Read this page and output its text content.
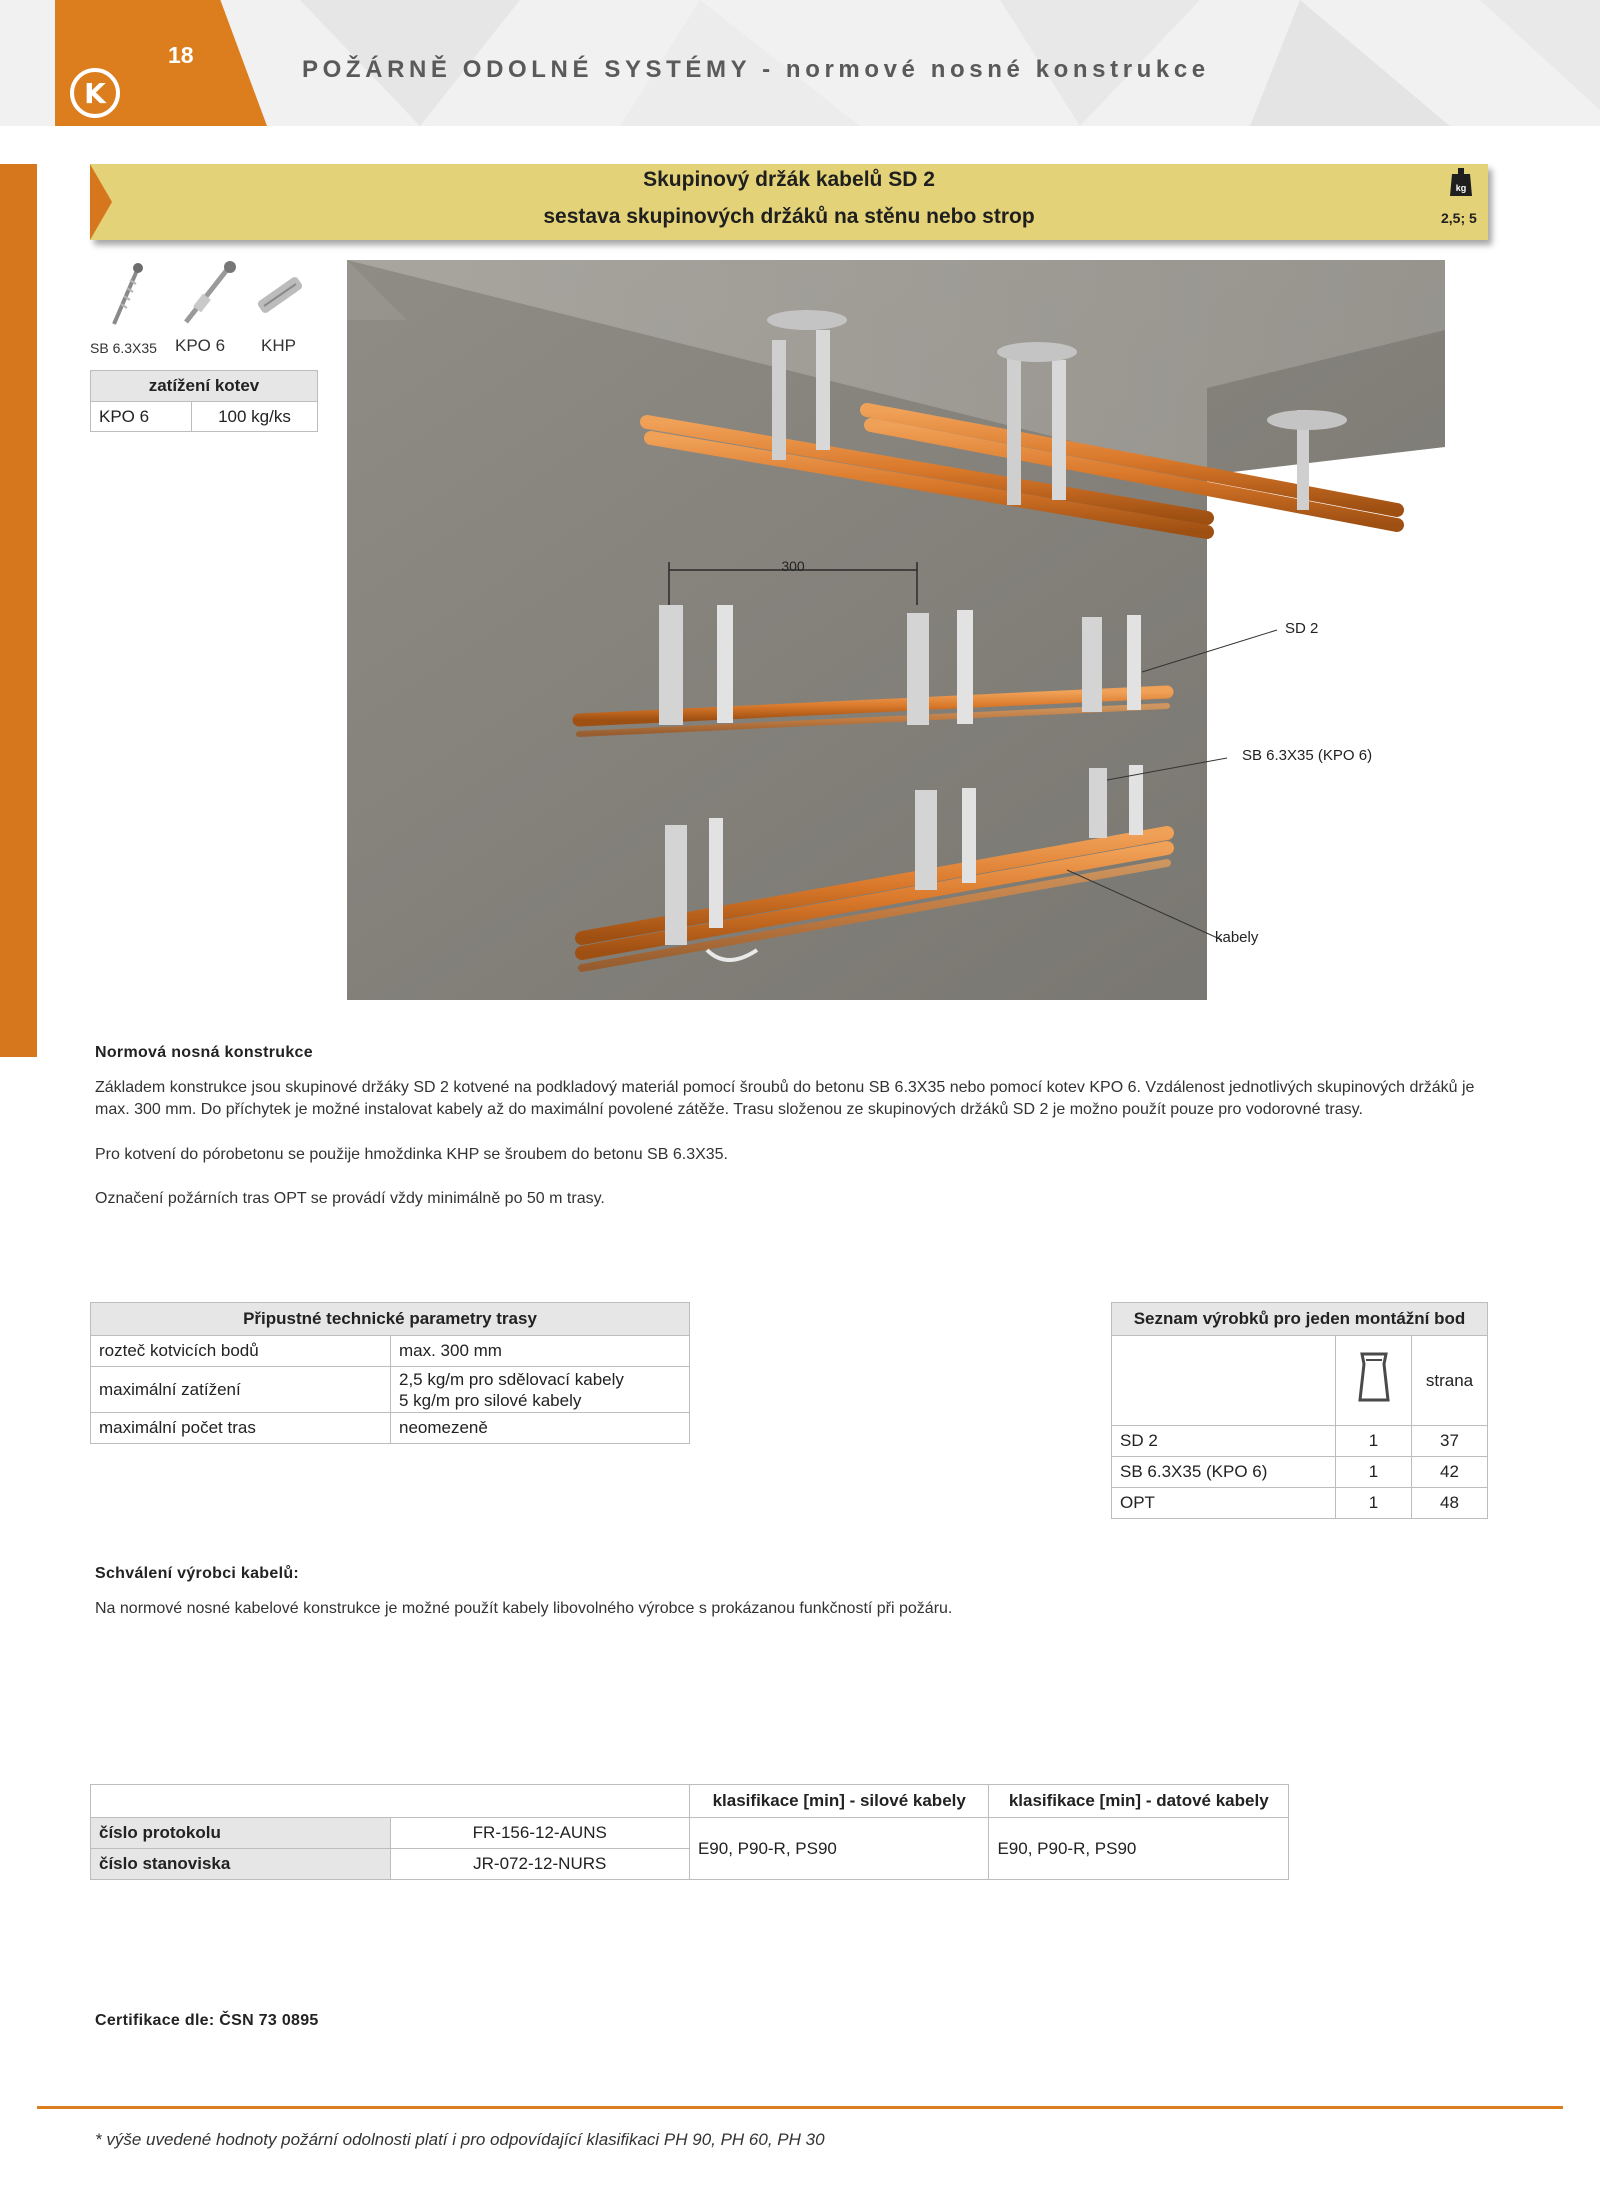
18
K
POŽÁRNĚ ODOLNÉ SYSTÉMY - normové nosné konstrukce
Skupinový držák kabelů SD 2
sestava skupinových držáků na stěnu nebo strop
kg
2,5; 5
SB 6.3X35 KPO 6 KHP
zatížení kotev
KPO 6	100 kg/ks
300
SD 2
SB 6.3X35 (KPO 6)
kabely
Normová nosná konstrukce
Základem konstrukce jsou skupinové držáky SD 2 kotvené na podkladový materiál pomocí šroubů do betonu SB 6.3X35 nebo pomocí kotev KPO 6. Vzdálenost jednotlivých skupinových držáků je max. 300 mm. Do příchytek je možné instalovat kabely až do maximální povolené zátěže. Trasu složenou ze skupinových držáků SD 2 je možno použít pouze pro vodorovné trasy.
Pro kotvení do pórobetonu se použije hmoždinka KHP se šroubem do betonu SB 6.3X35.
Označení požárních tras OPT se provádí vždy minimálně po 50 m trasy.
Připustné technické parametry trasy	
rozteč kotvicích bodů	max. 300 mm
maximální zatížení	2,5 kg/m pro sdělovací kabely
5 kg/m pro silové kabely

maximální počet tras	neomezeně
Seznam výrobků pro jeden montážní bod		
		strana
SD 2	1	37
SB 6.3X35 (KPO 6)	1	42
OPT	1	48
Schválení výrobci kabelů:
Na normové nosné kabelové konstrukce je možné použít kabely libovolného výrobce s prokázanou funkčností při požáru.
		klasifikace [min] - silové kabely	klasifikace [min] - datové kabely
číslo protokolu	FR-156-12-AUNS	E90, P90-R, PS90	E90, P90-R, PS90
číslo stanoviska	JR-072-12-NURS		
Certifikace dle: ČSN 73 0895
* výše uvedené hodnoty požární odolnosti platí i pro odpovídající klasifikaci PH 90, PH 60, PH 30
